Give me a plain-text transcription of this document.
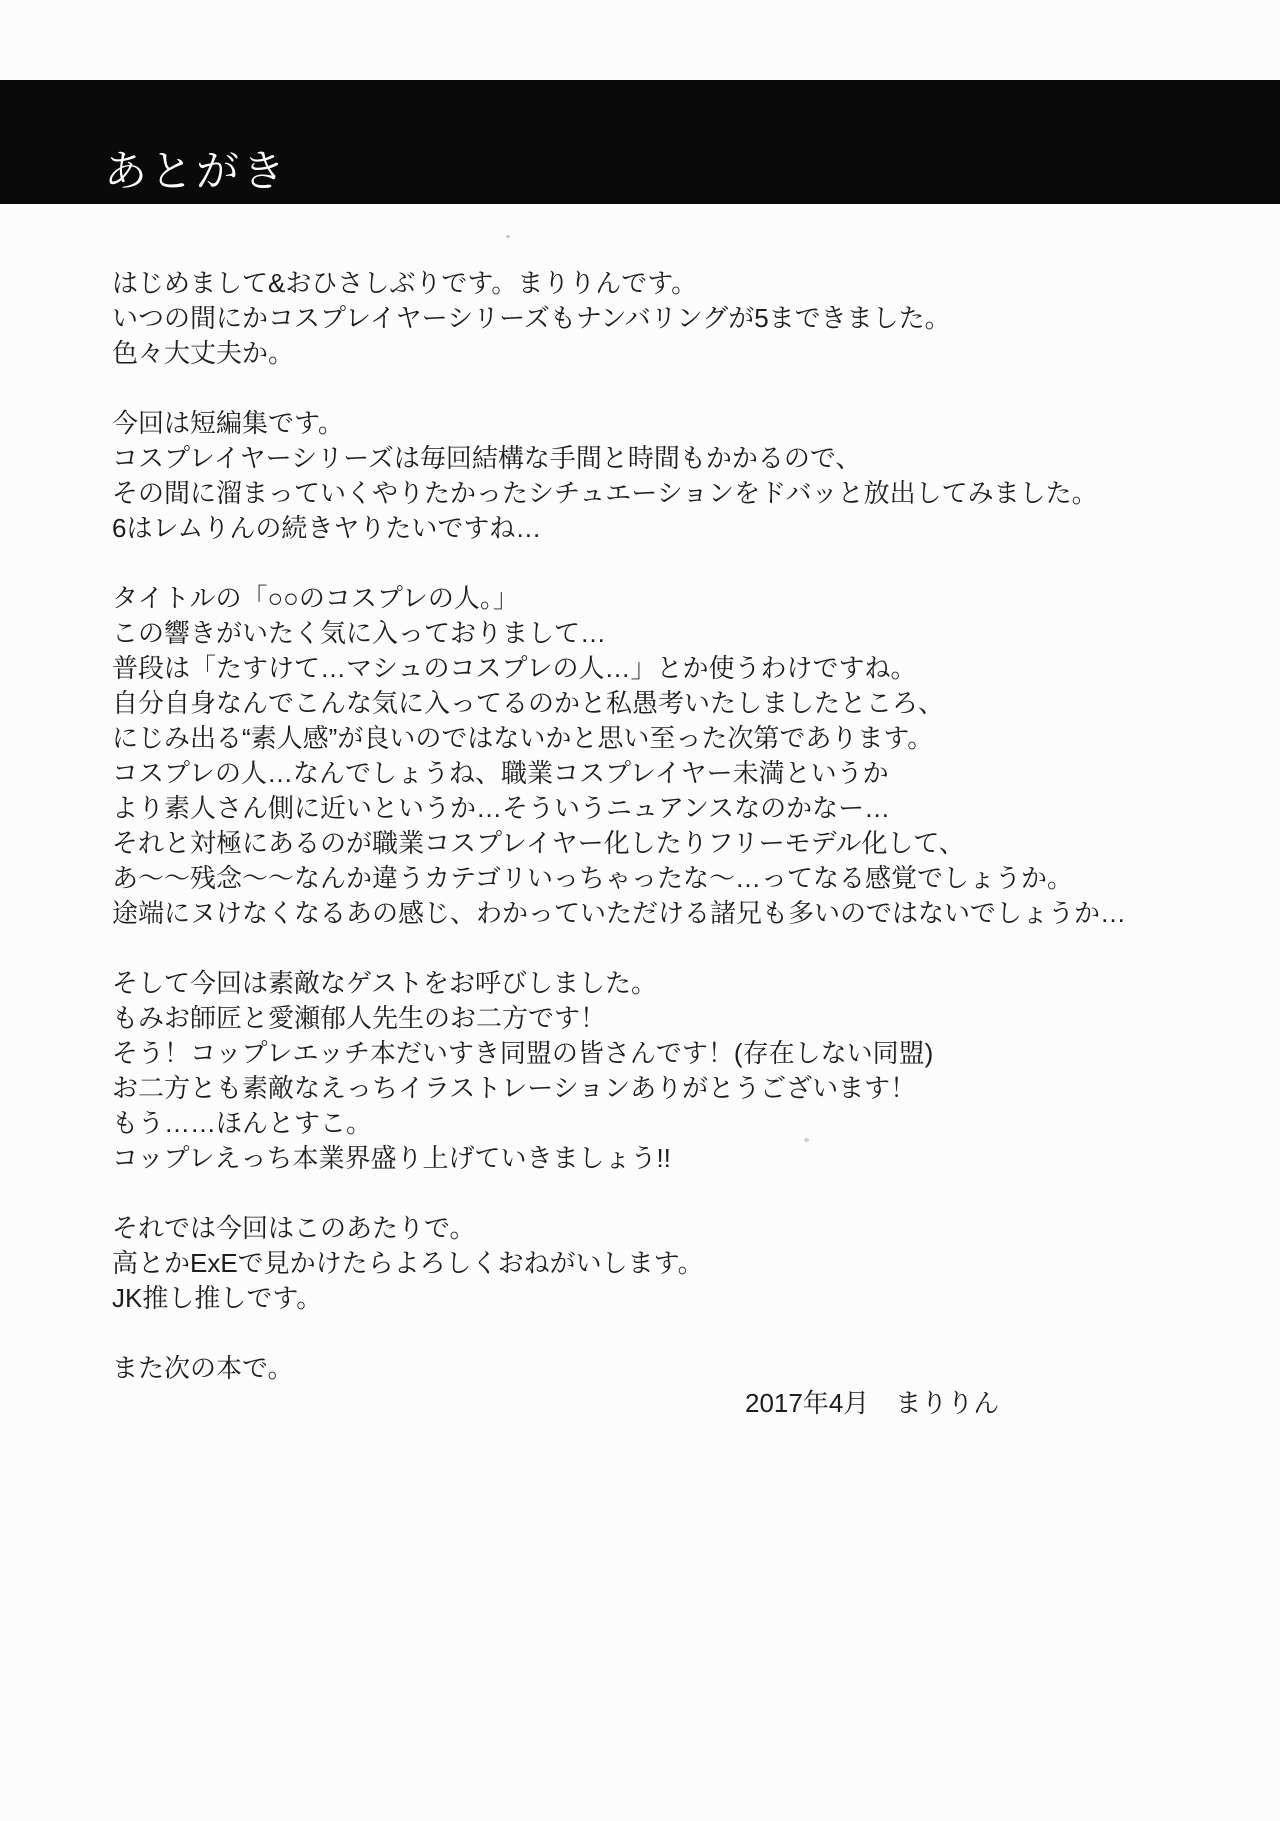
あとがき
はじめまして&おひさしぶりです。まりりんです。
いつの間にかコスプレイヤーシリーズもナンバリングが5まできました。
色々大丈夫か。
今回は短編集です。
コスプレイヤーシリーズは毎回結構な手間と時間もかかるので、
その間に溜まっていくやりたかったシチュエーションをドバッと放出してみました。
6はレムりんの続きヤりたいですね…
タイトルの「○○のコスプレの人。」
この響きがいたく気に入っておりまして…
普段は「たすけて…マシュのコスプレの人…」とか使うわけですね。
自分自身なんでこんな気に入ってるのかと私愚考いたしましたところ、
にじみ出る“素人感”が良いのではないかと思い至った次第であります。
コスプレの人…なんでしょうね、職業コスプレイヤー未満というか
より素人さん側に近いというか…そういうニュアンスなのかなー…
それと対極にあるのが職業コスプレイヤー化したりフリーモデル化して、
あ～～残念～～なんか違うカテゴリいっちゃったな～…ってなる感覚でしょうか。
途端にヌけなくなるあの感じ、わかっていただける諸兄も多いのではないでしょうか…
そして今回は素敵なゲストをお呼びしました。
もみお師匠と愛瀬郁人先生のお二方です！
そう！コップレエッチ本だいすき同盟の皆さんです！(存在しない同盟)
お二方とも素敵なえっちイラストレーションありがとうございます！
もう……ほんとすこ。
コップレえっち本業界盛り上げていきましょう!!
それでは今回はこのあたりで。
高とかExEで見かけたらよろしくおねがいします。
JK推し推しです。
また次の本で。
2017年4月　まりりん
